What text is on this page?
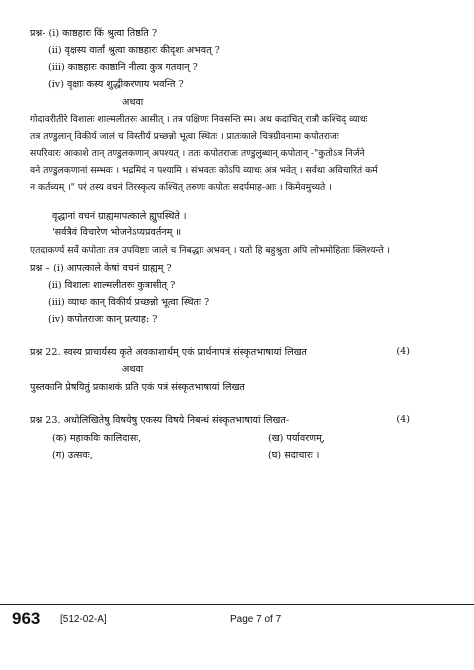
प्रश्न- (i) काष्ठहारः किं श्रुत्वा तिष्ठति ?
(ii) वृक्षस्य वार्तां श्रुत्वा काष्ठहारः कीदृशः अभवत् ?
(iii) काष्ठहारः काष्ठानि नीत्वा कुत्र गतवान् ?
(iv) वृक्षाः कस्य शुद्धीकरणाय भवन्ति ?
अथवा
गोदावरीतीरे विशालः शाल्मलीतरुः आसीत् । तत्र पक्षिणः निवसन्ति स्म। अथ कदाचित् रात्रौ कश्चिद् व्याधः
तत्र तण्डुलान् विकीर्य जालं च विस्तीर्य प्रच्छन्नो भूत्वा स्थितः । प्रातःकाले चित्रग्रीवनामा कपोतराजः
सपरिवारः आकाशे तान् तण्डुलकणान् अपश्यत् । ततः कपोतराजः तण्डुलुब्धान् कपोतान् -"कुतोऽत्र निर्जने
वने तण्डुलकणानां सम्भवः । भद्रमिदं न पश्यामि । संभवतः कोऽपि व्याधः अत्र भवेत् । सर्वथा अविचारितं कर्म
न कर्तव्यम् ।" परं तस्य वचनं तिरस्कृत्य कश्चित् तरुणः कपोतः सदर्पमाह-आः । किमेवमुच्यते ।
वृद्धानां वचनं ग्राह्यमापत्काले ह्युपस्थिते ।
'सर्वत्रैवं विचारेण भोजनेऽप्यप्रवर्तनम् ॥
एतदाकर्ण्य सर्वे कपोताः तत्र उपविष्टाः जाले च निबद्धाः अभवन् । यतो हि बहुश्रुता अपि लोभमोहिताः क्लिश्यन्ते ।
प्रश्न – (i) आपत्काले केषां वचनं ग्राह्यम् ?
(ii) विशालः शाल्मलीतरुः कुत्रासीत् ?
(iii) व्याधः कान् विकीर्य प्रच्छन्नो भूत्वा स्थितः ?
(iv) कपोतराजः कान् प्रत्याह: ?
प्रश्न 22. स्वस्य प्राचार्यस्य कृते अवकाशार्थम् एकं प्रार्थनापत्रं संस्कृतभाषायां लिखत	(4)
अथवा
पुस्तकानि प्रेषयितुं प्रकाशकं प्रति एकं पत्रं संस्कृतभाषायां लिखत
प्रश्न 23. अधोलिखितेषु विषयेषु एकस्य विषये निबन्धं संस्कृतभाषायां लिखत-	(4)
(क) महाकविः कालिदासः,	(ख) पर्यावरणम्,
(ग) उत्सवः,	(घ) सदाचारः ।
963 [512-02-A]	Page 7 of 7
